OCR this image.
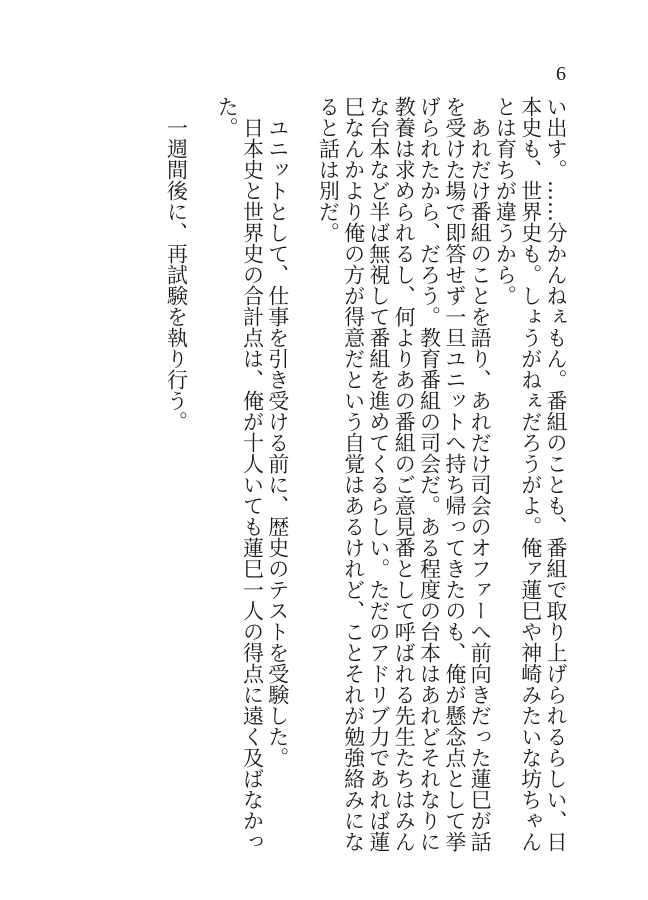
6
い出す。……分かんねぇもん。番組のことも、番組で取り上げられるらしい、日
本史も、世界史も。しょうがねぇだろうがよ。俺ァ蓮巳や神崎みたいな坊ちゃん
とは育ちが違うから。
　あれだけ番組のことを語り、あれだけ司会のオファーへ前向きだった蓮巳が話
を受けた場で即答せず一旦ユニットへ持ち帰ってきたのも、俺が懸念点として挙
げられたから、だろう。教育番組の司会だ。ある程度の台本はあれどそれなりに
教養は求められるし、何よりあの番組のご意見番として呼ばれる先生たちはみん
な台本など半ば無視して番組を進めてくるらしい。ただのアドリブ力であれば蓮
巳なんかより俺の方が得意だという自覚はあるけれど、ことそれが勉強絡みにな
ると話は別だ。
　ユニットとして、仕事を引き受ける前に、歴史のテストを受験した。
　日本史と世界史の合計点は、俺が十人いても蓮巳一人の得点に遠く及ばなかっ
た。
　一週間後に、再試験を執り行う。
